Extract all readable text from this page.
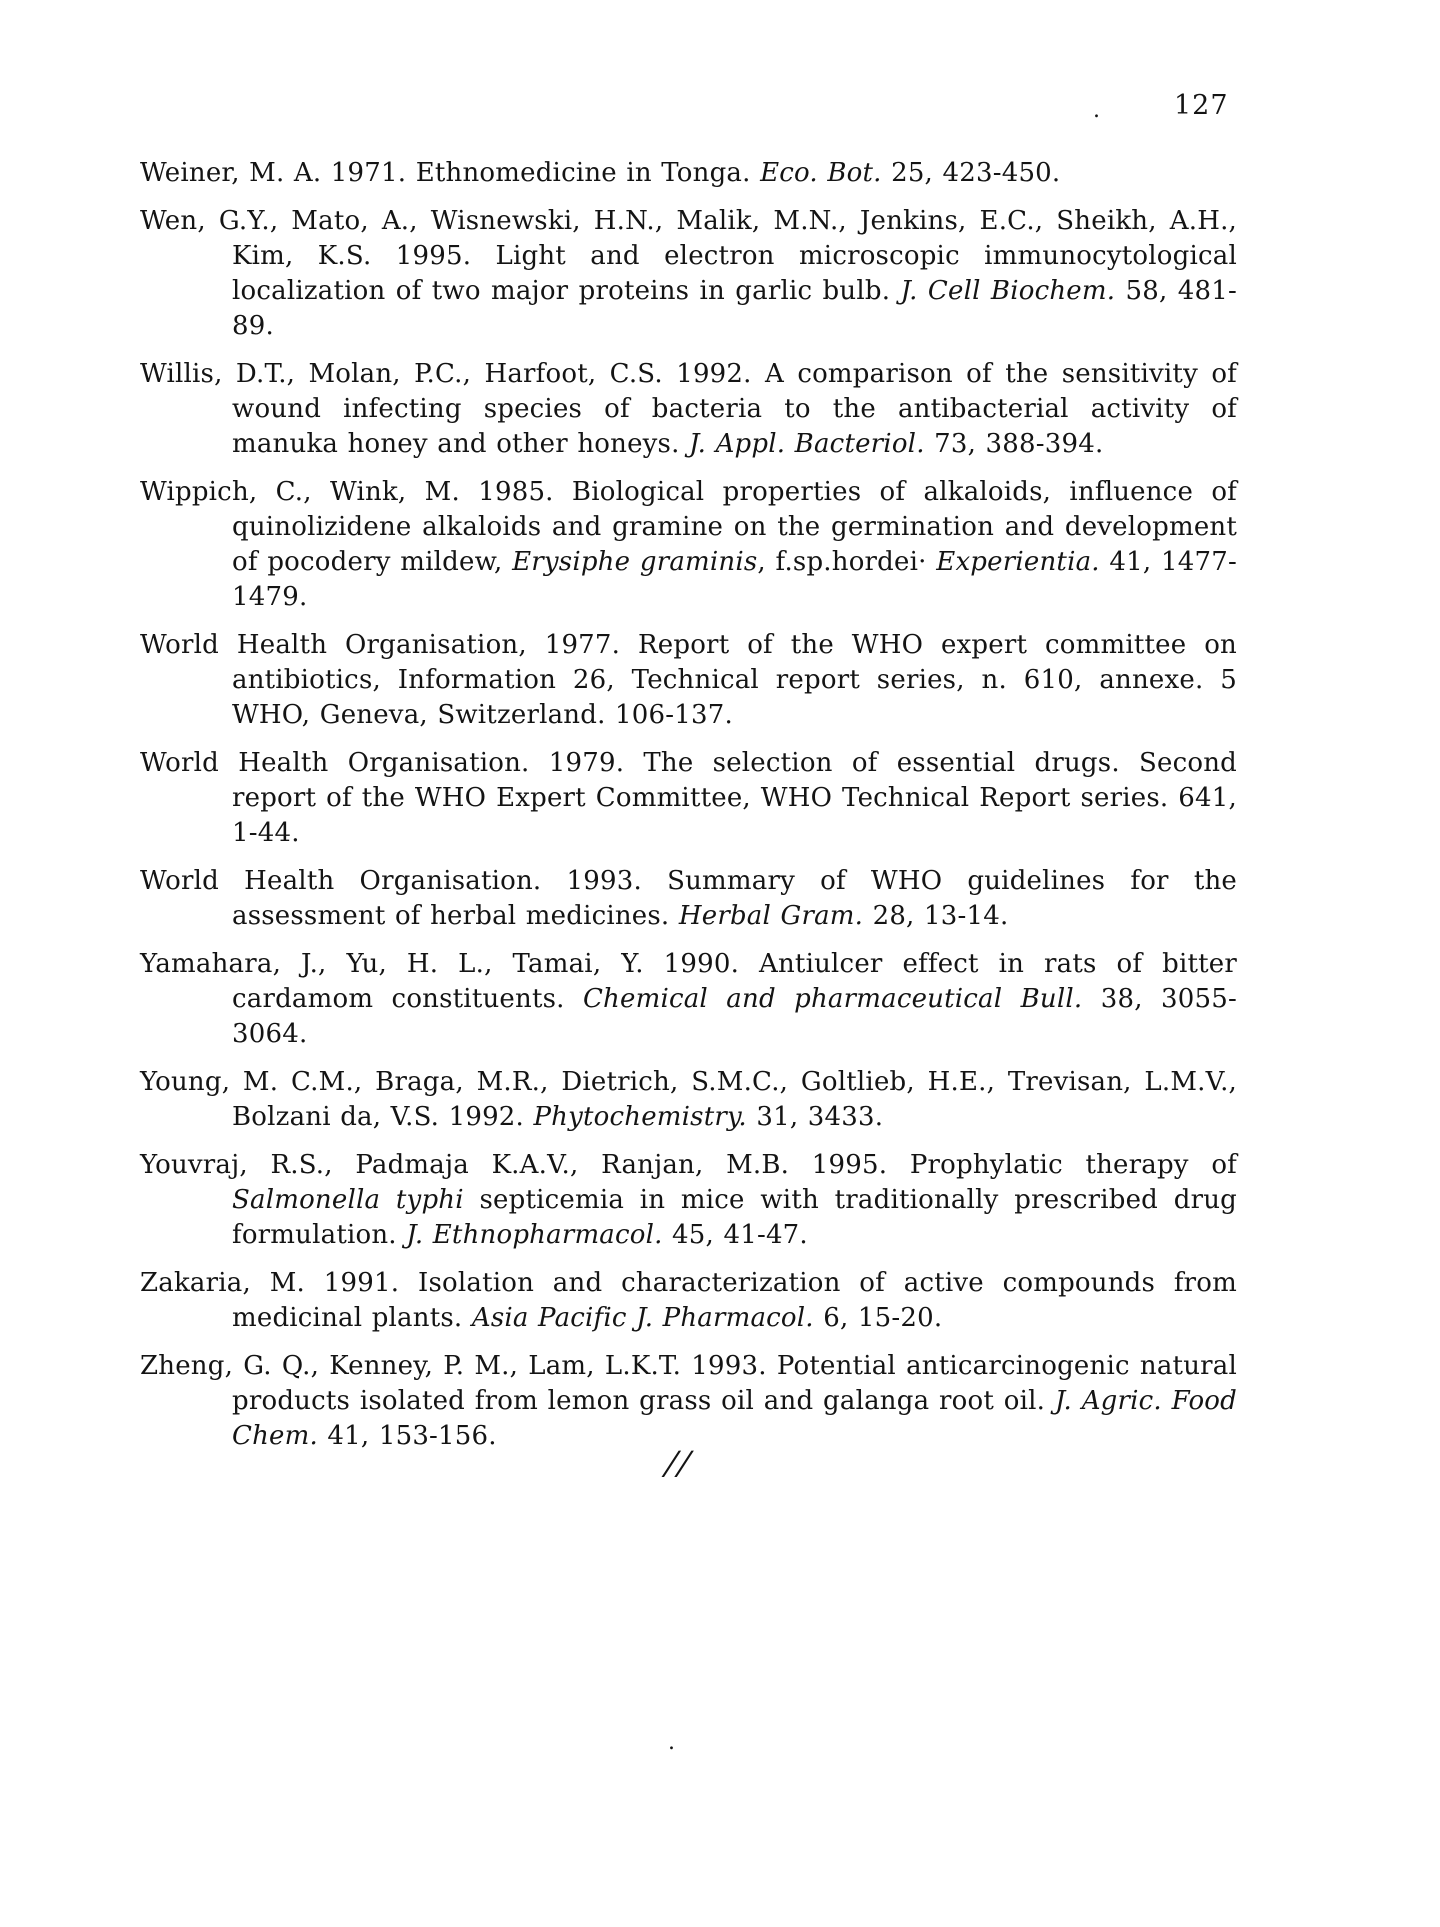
.	127

Weiner, M. A. 1971. Ethnomedicine in Tonga. Eco. Bot. 25, 423-450.

Wen, G.Y., Mato, A., Wisnewski, H.N., Malik, M.N., Jenkins, E.C., Sheikh, A.H., Kim, K.S. 1995. Light and electron microscopic immunocytological localization of two major proteins in garlic bulb. J. Cell Biochem. 58, 481-89.

Willis, D.T., Molan, P.C., Harfoot, C.S. 1992. A comparison of the sensitivity of wound infecting species of bacteria to the antibacterial activity of manuka honey and other honeys. J. Appl. Bacteriol. 73, 388-394.

Wippich, C., Wink, M. 1985. Biological properties of alkaloids, influence of quinolizidene alkaloids and gramine on the germination and development of pocodery mildew, Erysiphe graminis, f.sp.hordei· Experientia. 41, 1477-1479.

World Health Organisation, 1977. Report of the WHO expert committee on antibiotics, Information 26, Technical report series, n. 610, annexe. 5 WHO, Geneva, Switzerland. 106-137.

World Health Organisation. 1979. The selection of essential drugs. Second report of the WHO Expert Committee, WHO Technical Report series. 641, 1-44.

World Health Organisation. 1993. Summary of WHO guidelines for the assessment of herbal medicines. Herbal Gram. 28, 13-14.

Yamahara, J., Yu, H. L., Tamai, Y. 1990. Antiulcer effect in rats of bitter cardamom constituents. Chemical and pharmaceutical Bull. 38, 3055-3064.

Young, M. C.M., Braga, M.R., Dietrich, S.M.C., Goltlieb, H.E., Trevisan, L.M.V., Bolzani da, V.S. 1992. Phytochemistry. 31, 3433.

Youvraj, R.S., Padmaja K.A.V., Ranjan, M.B. 1995. Prophylatic therapy of Salmonella typhi septicemia in mice with traditionally prescribed drug formulation. J. Ethnopharmacol. 45, 41-47.

Zakaria, M. 1991. Isolation and characterization of active compounds from medicinal plants. Asia Pacific J. Pharmacol. 6, 15-20.

Zheng, G. Q., Kenney, P. M., Lam, L.K.T. 1993. Potential anticarcinogenic natural products isolated from lemon grass oil and galanga root oil. J. Agric. Food Chem. 41, 153-156.

//
.
